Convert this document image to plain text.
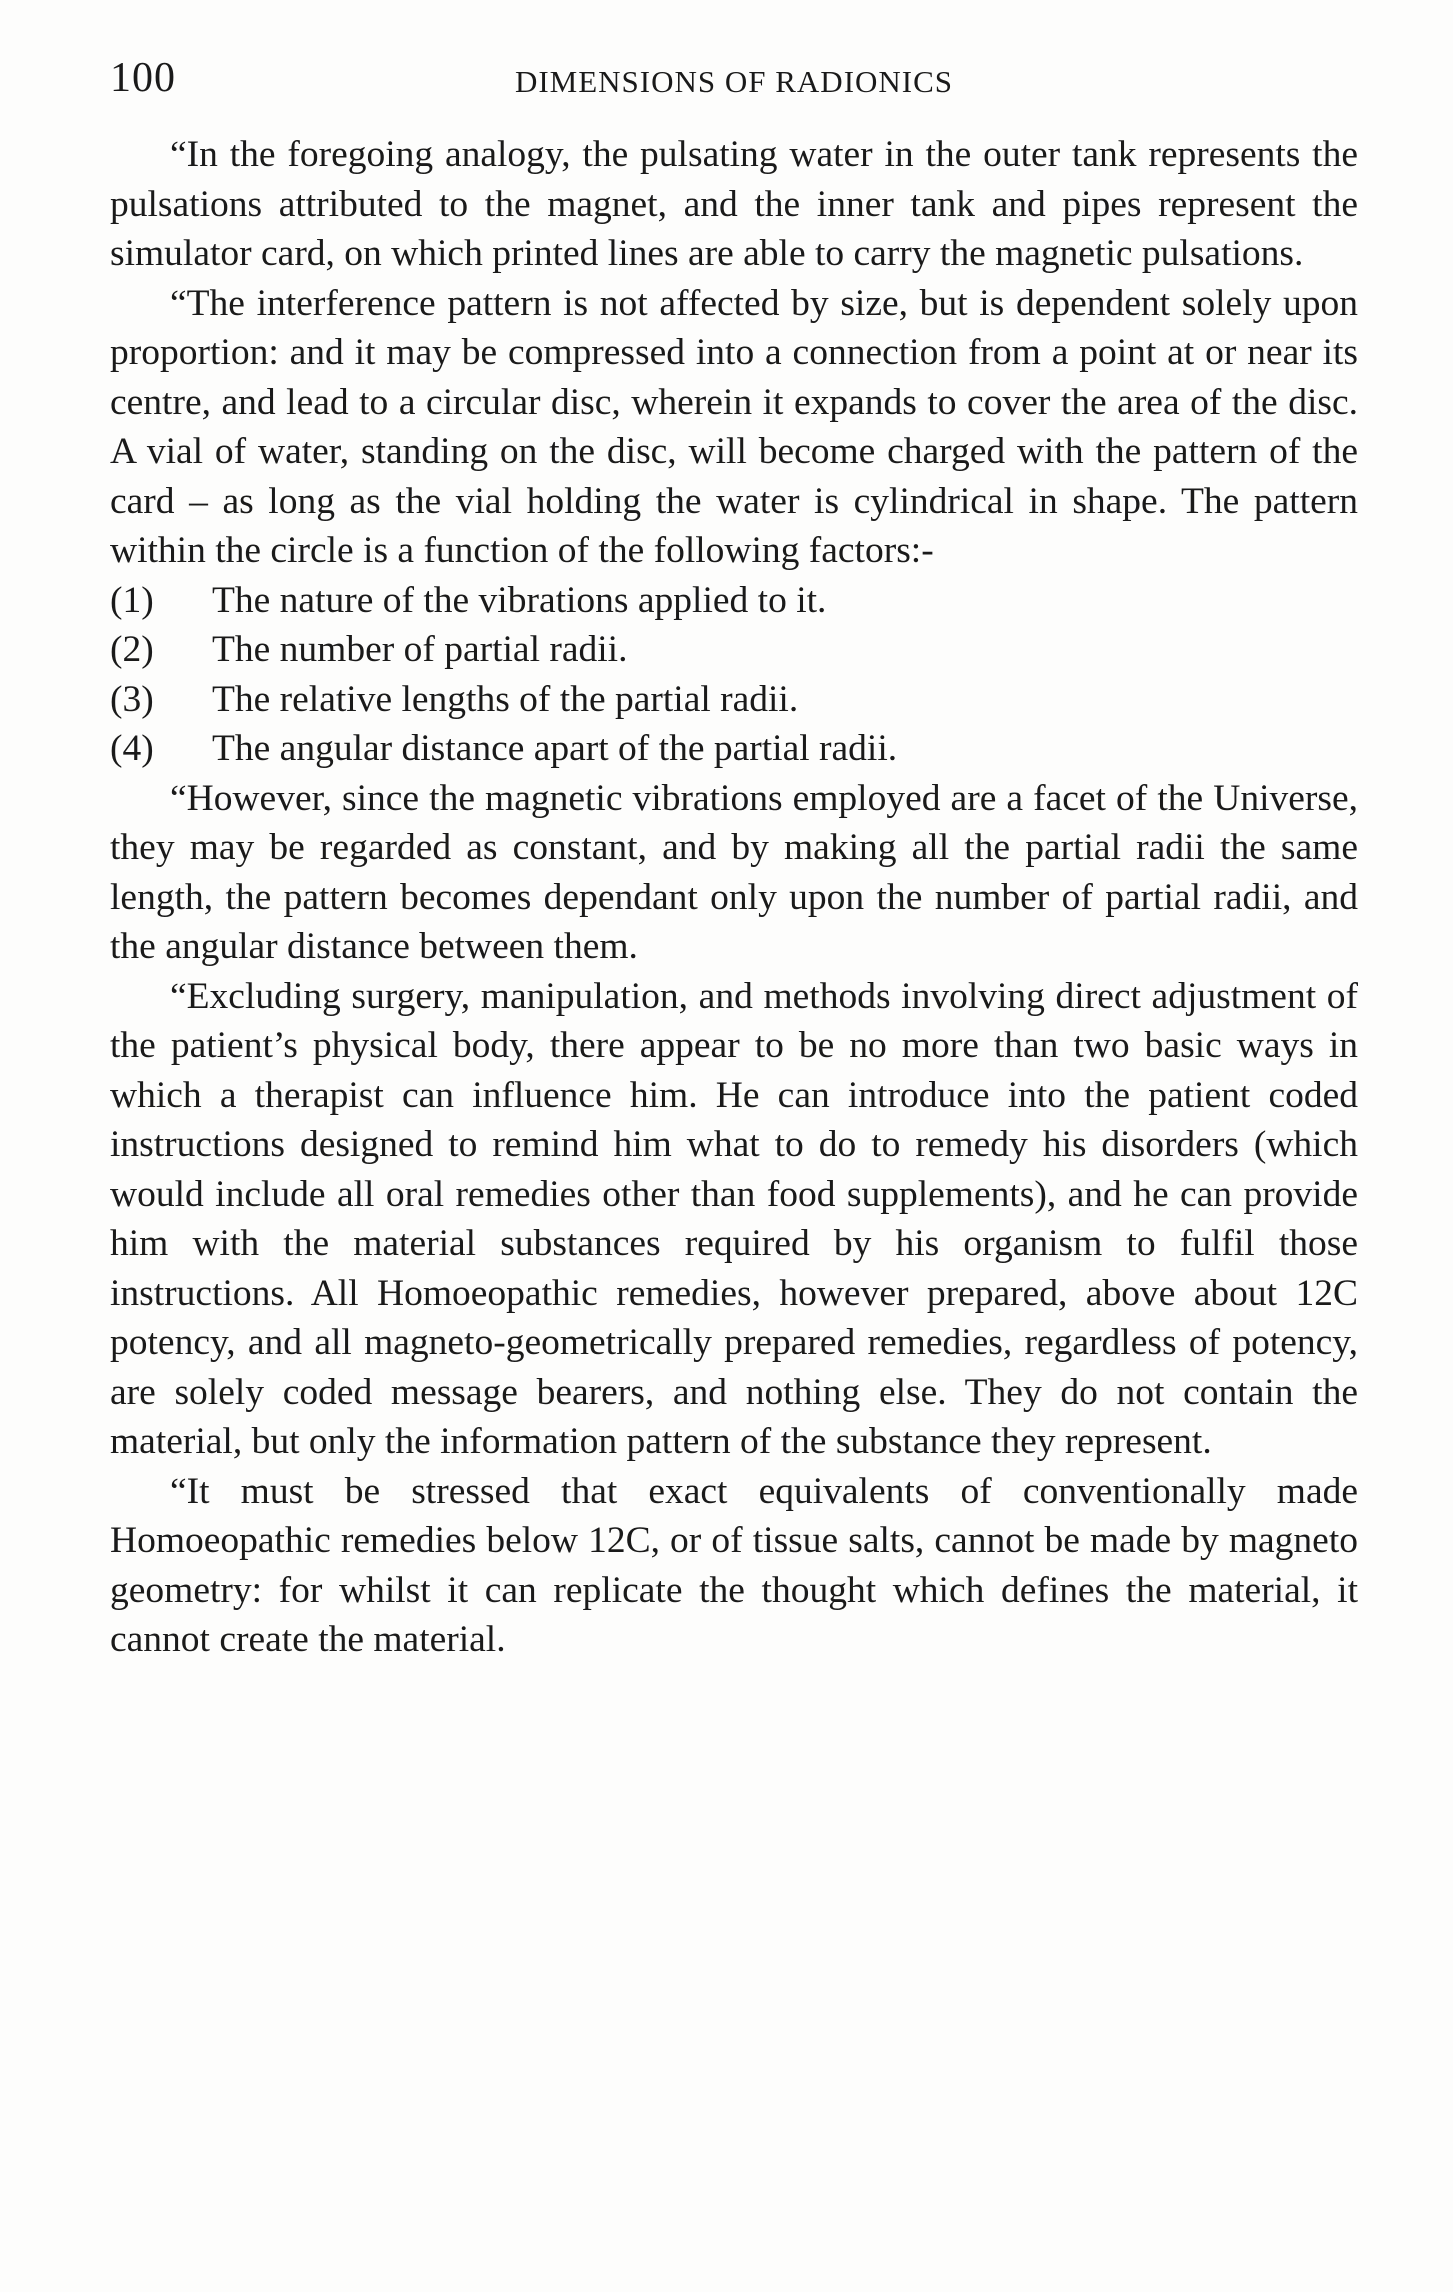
100	DIMENSIONS OF RADIONICS

“In the foregoing analogy, the pulsating water in the outer tank represents the pulsations attributed to the magnet, and the inner tank and pipes represent the simulator card, on which printed lines are able to carry the magnetic pulsations.

“The interference pattern is not affected by size, but is dependent solely upon proportion: and it may be compressed into a connection from a point at or near its centre, and lead to a circular disc, wherein it expands to cover the area of the disc. A vial of water, standing on the disc, will become charged with the pattern of the card – as long as the vial holding the water is cylindrical in shape. The pattern within the circle is a function of the following factors:-

(1)	The nature of the vibrations applied to it.
(2)	The number of partial radii.
(3)	The relative lengths of the partial radii.
(4)	The angular distance apart of the partial radii.

“However, since the magnetic vibrations employed are a facet of the Universe, they may be regarded as constant, and by making all the partial radii the same length, the pattern becomes dependant only upon the number of partial radii, and the angular distance between them.

“Excluding surgery, manipulation, and methods involving direct adjustment of the patient’s physical body, there appear to be no more than two basic ways in which a therapist can influence him. He can introduce into the patient coded instructions designed to remind him what to do to remedy his disorders (which would include all oral remedies other than food supplements), and he can provide him with the material substances required by his organism to fulfil those instructions. All Homoeopathic remedies, however prepared, above about 12C potency, and all magneto-geometrically prepared remedies, regardless of potency, are solely coded message bearers, and nothing else. They do not contain the material, but only the information pattern of the substance they represent.

“It must be stressed that exact equivalents of conventionally made Homoeopathic remedies below 12C, or of tissue salts, cannot be made by magneto geometry: for whilst it can replicate the thought which defines the material, it cannot create the material.
